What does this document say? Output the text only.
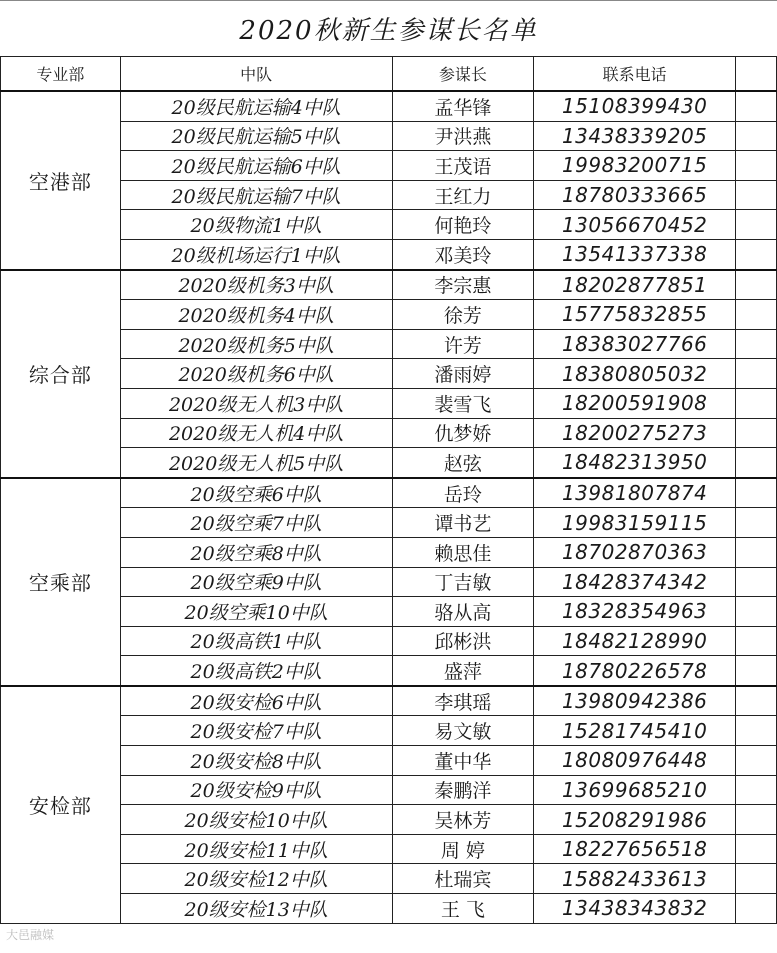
2020秋新生参谋长名单
专业部	中队	参谋长	联系电话	
空港部	20级民航运输4中队	孟华锋	15108399430	
	20级民航运输5中队	尹洪燕	13438339205	
	20级民航运输6中队	王茂语	19983200715	
	20级民航运输7中队	王红力	18780333665	
	20级物流1中队	何艳玲	13056670452	
	20级机场运行1中队	邓美玲	13541337338	
综合部	2020级机务3中队	李宗惠	18202877851	
	2020级机务4中队	徐芳	15775832855	
	2020级机务5中队	许芳	18383027766	
	2020级机务6中队	潘雨婷	18380805032	
	2020级无人机3中队	裴雪飞	18200591908	
	2020级无人机4中队	仇梦娇	18200275273	
	2020级无人机5中队	赵弦	18482313950	
空乘部	20级空乘6中队	岳玲	13981807874	
	20级空乘7中队	谭书艺	19983159115	
	20级空乘8中队	赖思佳	18702870363	
	20级空乘9中队	丁吉敏	18428374342	
	20级空乘10中队	骆从高	18328354963	
	20级高铁1中队	邱彬洪	18482128990	
	20级高铁2中队	盛萍	18780226578	
安检部	20级安检6中队	李琪瑶	13980942386	
	20级安检7中队	易文敏	15281745410	
	20级安检8中队	董中华	18080976448	
	20级安检9中队	秦鹏洋	13699685210	
	20级安检10中队	吴林芳	15208291986	
	20级安检11中队	周 婷	18227656518	
	20级安检12中队	杜瑞宾	15882433613	
	20级安检13中队	王 飞	13438343832	
大邑融媒
